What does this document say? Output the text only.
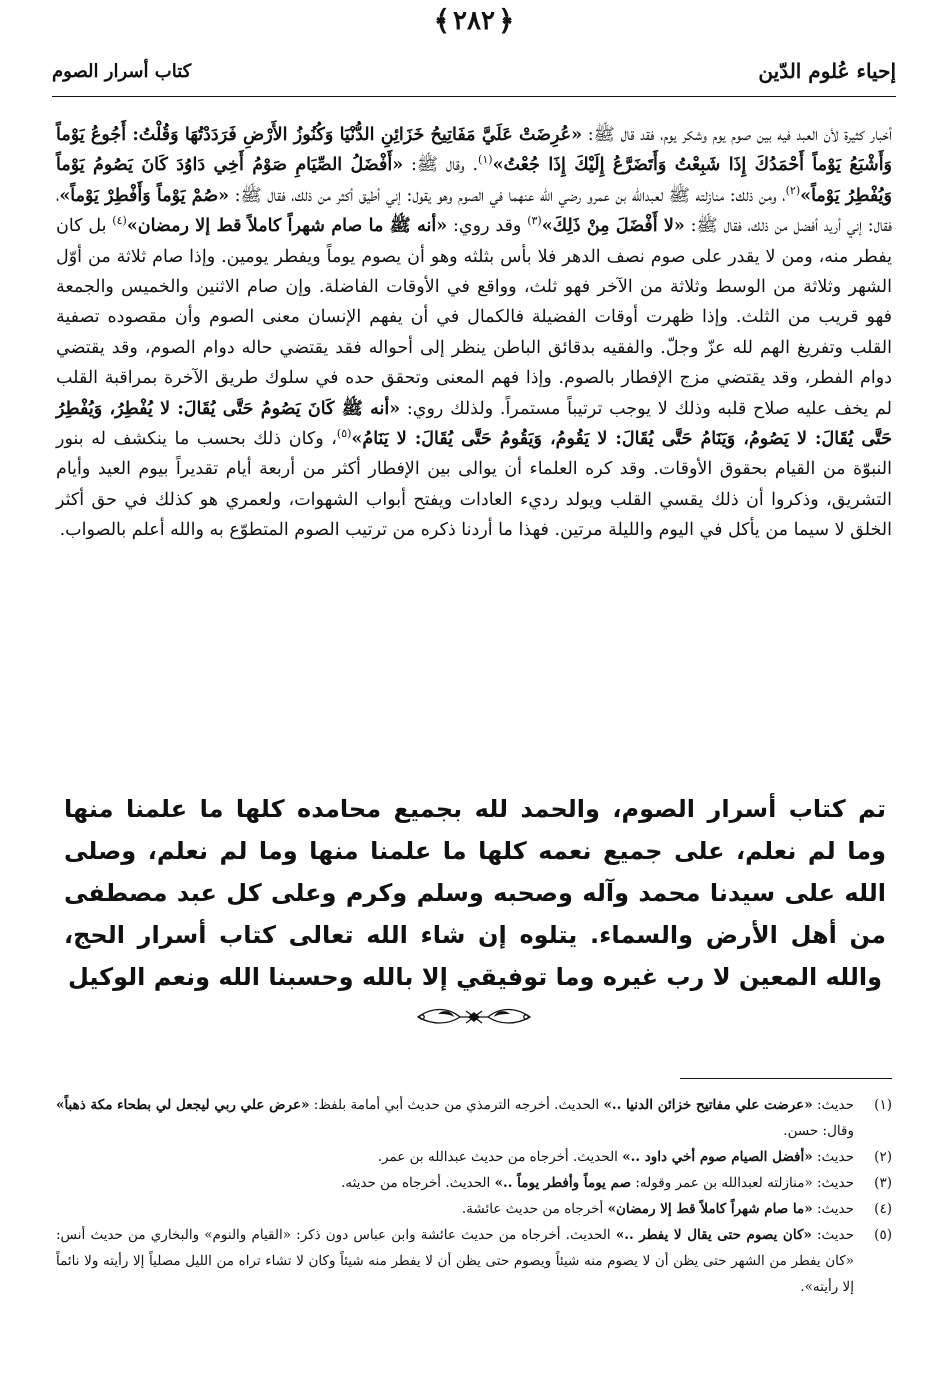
إحياء عُلوم الدّين
كتاب أسرار الصوم
﴿
٢٨٢
﴾

أخبار كثيرة لأن العبد فيه بين صوم يوم وشكر يوم، فقد قال ﷺ: «عُرِضَتْ عَلَيَّ مَفَاتِيحُ خَزَائِنِ الدُّنْيَا وَكُنُوزُ الأَرْضِ فَرَدَدْتُهَا وَقُلْتُ: أَجُوعُ يَوْماً وَأَشْبَعُ يَوْماً أَحْمَدُكَ إِذَا شَبِعْتُ وَأَتَضَرَّعُ إِلَيْكَ إِذَا جُعْتُ»$^{(١)}$. وقال ﷺ: «أَفْضَلُ الصِّيَامِ صَوْمُ أَخِي دَاوُدَ كَانَ يَصُومُ يَوْماً وَيُفْطِرُ يَوْماً»$^{(٢)}$، ومن ذلك: منازلته ﷺ لعبدالله بن عمرو رضي الله عنهما في الصوم وهو يقول: إني أطيق أكثر من ذلك، فقال ﷺ: «صُمْ يَوْماً وَأَفْطِرْ يَوْماً»، فقال: إني أريد أفضل من ذلك، فقال ﷺ: «لا أَفْضَلَ مِنْ ذَلِكَ»$^{(٣)}$ وقد روي: «أنه ﷺ ما صام شهراً كاملاً قط إلا رمضان»$^{(٤)}$ بل كان يفطر منه، ومن لا يقدر على صوم نصف الدهر فلا بأس بثلثه وهو أن يصوم يوماً ويفطر يومين. وإذا صام ثلاثة من أوّل الشهر وثلاثة من الوسط وثلاثة من الآخر فهو ثلث، وواقع في الأوقات الفاضلة. وإن صام الاثنين والخميس والجمعة فهو قريب من الثلث. وإذا ظهرت أوقات الفضيلة فالكمال في أن يفهم الإنسان معنى الصوم وأن مقصوده تصفية القلب وتفريغ الهم لله عزّ وجلّ. والفقيه بدقائق الباطن ينظر إلى أحواله فقد يقتضي حاله دوام الصوم، وقد يقتضي دوام الفطر، وقد يقتضي مزج الإفطار بالصوم. وإذا فهم المعنى وتحقق حده في سلوك طريق الآخرة بمراقبة القلب لم يخف عليه صلاح قلبه وذلك لا يوجب ترتيباً مستمراً. ولذلك روي: «أنه ﷺ كَانَ يَصُومُ حَتَّى يُقَالَ: لا يُفْطِرُ، وَيُفْطِرُ حَتَّى يُقَالَ: لا يَصُومُ، وَيَنَامُ حَتَّى يُقَالَ: لا يَقُومُ، وَيَقُومُ حَتَّى يُقَالَ: لا يَنَامُ»$^{(٥)}$، وكان ذلك بحسب ما ينكشف له بنور النبوّة من القيام بحقوق الأوقات. وقد كره العلماء أن يوالى بين الإفطار أكثر من أربعة أيام تقديراً بيوم العيد وأيام التشريق، وذكروا أن ذلك يقسي القلب ويولد رديء العادات ويفتح أبواب الشهوات، ولعمري هو كذلك في حق أكثر الخلق لا سيما من يأكل في اليوم والليلة مرتين. فهذا ما أردنا ذكره من ترتيب الصوم المتطوّع به والله أعلم بالصواب.

تم كتاب أسرار الصوم، والحمد لله بجميع محامده كلها ما علمنا منها وما لم نعلم، على جميع نعمه كلها ما علمنا منها وما لم نعلم، وصلى الله على سيدنا محمد وآله وصحبه وسلم وكرم وعلى كل عبد مصطفى من أهل الأرض والسماء. يتلوه إن شاء الله تعالى كتاب أسرار الحج، والله المعين لا رب غيره وما توفيقي إلا بالله وحسبنا الله ونعم الوكيل
(١)
حديث: «عرضت علي مفاتيح خزائن الدنيا ..» الحديث. أخرجه الترمذي من حديث أبي أمامة بلفظ: «عرض علي ربي ليجعل لي بطحاء مكة ذهباً» وقال: حسن.
(٢)
حديث: «أفضل الصيام صوم أخي داود ..» الحديث. أخرجاه من حديث عبدالله بن عمر.
(٣)
حديث: «منازلته لعبدالله بن عمر وقوله: صم يوماً وأفطر يوماً ..» الحديث. أخرجاه من حديثه.
(٤)
حديث: «ما صام شهراً كاملاً قط إلا رمضان» أخرجاه من حديث عائشة.
(٥)
حديث: «كان يصوم حتى يقال لا يفطر ..» الحديث. أخرجاه من حديث عائشة وابن عباس دون ذكر: «القيام والنوم» والبخاري من حديث أنس: «كان يفطر من الشهر حتى يظن أن لا يصوم منه شيئاً ويصوم حتى يظن أن لا يفطر منه شيئاً وكان لا تشاء تراه من الليل مصلياً إلا رأيته ولا نائماً إلا رأيته».
